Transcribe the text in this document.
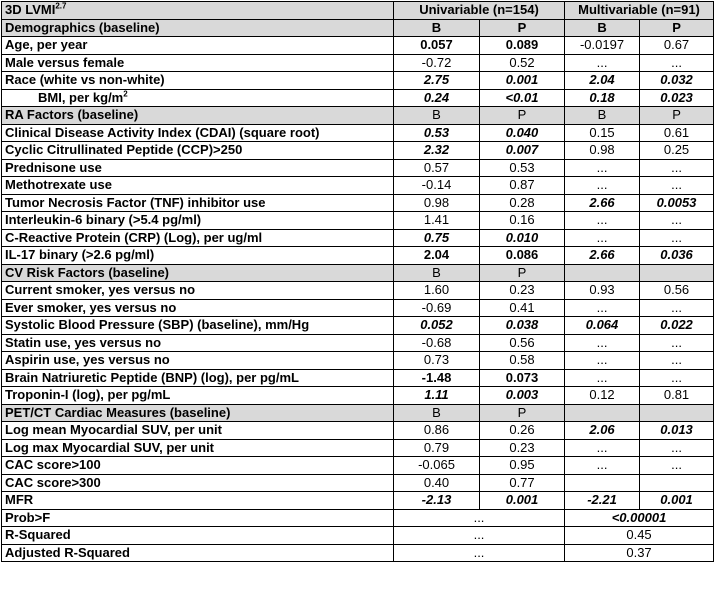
3D $LVMI^{2.7}$	Univariable (n=154)		Multivariable (n=91)	
Demographics (baseline)	B	P	B	P
Age, per year	0.057	0.089	-0.0197	0.67
Male versus female	-0.72	0.52	...	...
Race (white vs non-white)	2.75	0.001	2.04	0.032
BMI, per $kg/m^2$	0.24	<0.01	0.18	0.023
RA Factors (baseline)	B	P	B	P
Clinical Disease Activity Index (CDAI) (square root)	0.53	0.040	0.15	0.61
Cyclic Citrullinated Peptide (CCP)>250	2.32	0.007	0.98	0.25
Prednisone use	0.57	0.53	...	...
Methotrexate use	-0.14	0.87	...	...
Tumor Necrosis Factor (TNF) inhibitor use	0.98	0.28	2.66	0.0053
Interleukin-6 binary (>5.4 pg/ml)	1.41	0.16	...	...
C-Reactive Protein (CRP) (Log), per ug/ml	0.75	0.010	...	...
IL-17 binary (>2.6 pg/ml)	2.04	0.086	2.66	0.036
CV Risk Factors (baseline)	B	P		
Current smoker, yes versus no	1.60	0.23	0.93	0.56
Ever smoker, yes versus no	-0.69	0.41	...	...
Systolic Blood Pressure (SBP) (baseline), mm/Hg	0.052	0.038	0.064	0.022
Statin use, yes versus no	-0.68	0.56	...	...
Aspirin use, yes versus no	0.73	0.58	...	...
Brain Natriuretic Peptide (BNP) (log), per pg/mL	-1.48	0.073	...	...
Troponin-I (log), per pg/mL	1.11	0.003	0.12	0.81
PET/CT Cardiac Measures (baseline)	B	P		
Log mean Myocardial SUV, per unit	0.86	0.26	2.06	0.013
Log max Myocardial SUV, per unit	0.79	0.23	...	...
CAC score>100	-0.065	0.95	...	...
CAC score>300	0.40	0.77		
MFR	-2.13	0.001	-2.21	0.001
Prob>F	...		<0.00001	
R-Squared	...		0.45	
Adjusted R-Squared	...		0.37	
